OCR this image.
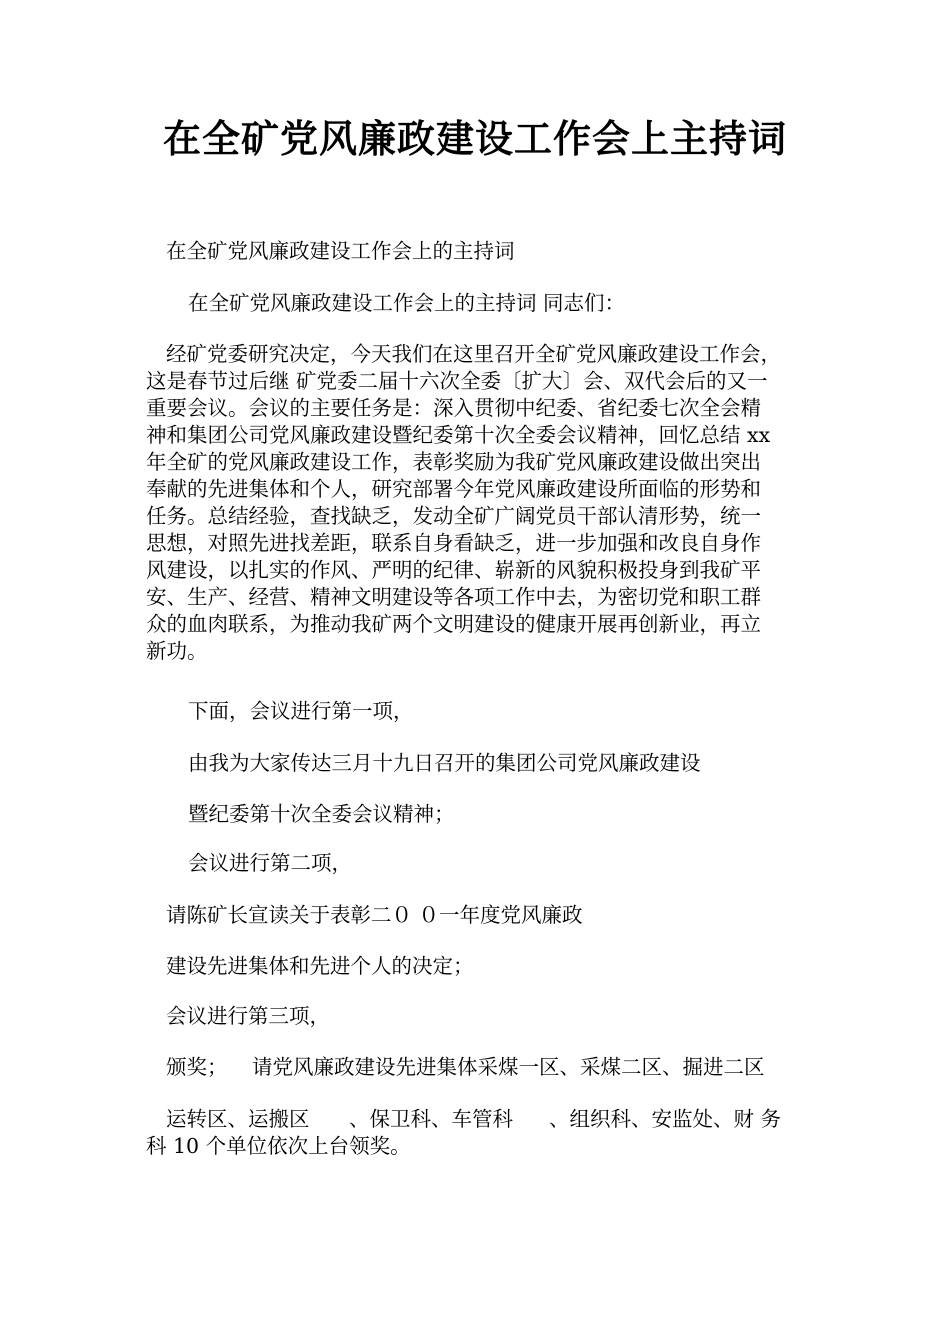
在全矿党风廉政建设工作会上主持词
在全矿党风廉政建设工作会上的主持词
在全矿党风廉政建设工作会上的主持词 同志们：
经矿党委研究决定，今天我们在这里召开全矿党风廉政建设工作会，
这是春节过后继 矿党委二届十六次全委〔扩大〕会、双代会后的又一
重要会议。会议的主要任务是：深入贯彻中纪委、省纪委七次全会精
神和集团公司党风廉政建设暨纪委第十次全委会议精神，回忆总结 xx
年全矿的党风廉政建设工作，表彰奖励为我矿党风廉政建设做出突出
奉献的先进集体和个人，研究部署今年党风廉政建设所面临的形势和
任务。总结经验，查找缺乏，发动全矿广阔党员干部认清形势，统一
思想，对照先进找差距，联系自身看缺乏，进一步加强和改良自身作
风建设，以扎实的作风、严明的纪律、崭新的风貌积极投身到我矿平
安、生产、经营、精神文明建设等各项工作中去，为密切党和职工群
众的血肉联系，为推动我矿两个文明建设的健康开展再创新业，再立
新功。
下面，会议进行第一项，
由我为大家传达三月十九日召开的集团公司党风廉政建设
暨纪委第十次全委会议精神；
会议进行第二项，
请陈矿长宣读关于表彰二０ ０一年度党风廉政
建设先进集体和先进个人的决定；
会议进行第三项，
颁奖； 请党风廉政建设先进集体采煤一区、采煤二区、掘进二区
运转区、运搬区 、保卫科、车管科 、组织科、安监处、财 务
科 10 个单位依次上台领奖。
